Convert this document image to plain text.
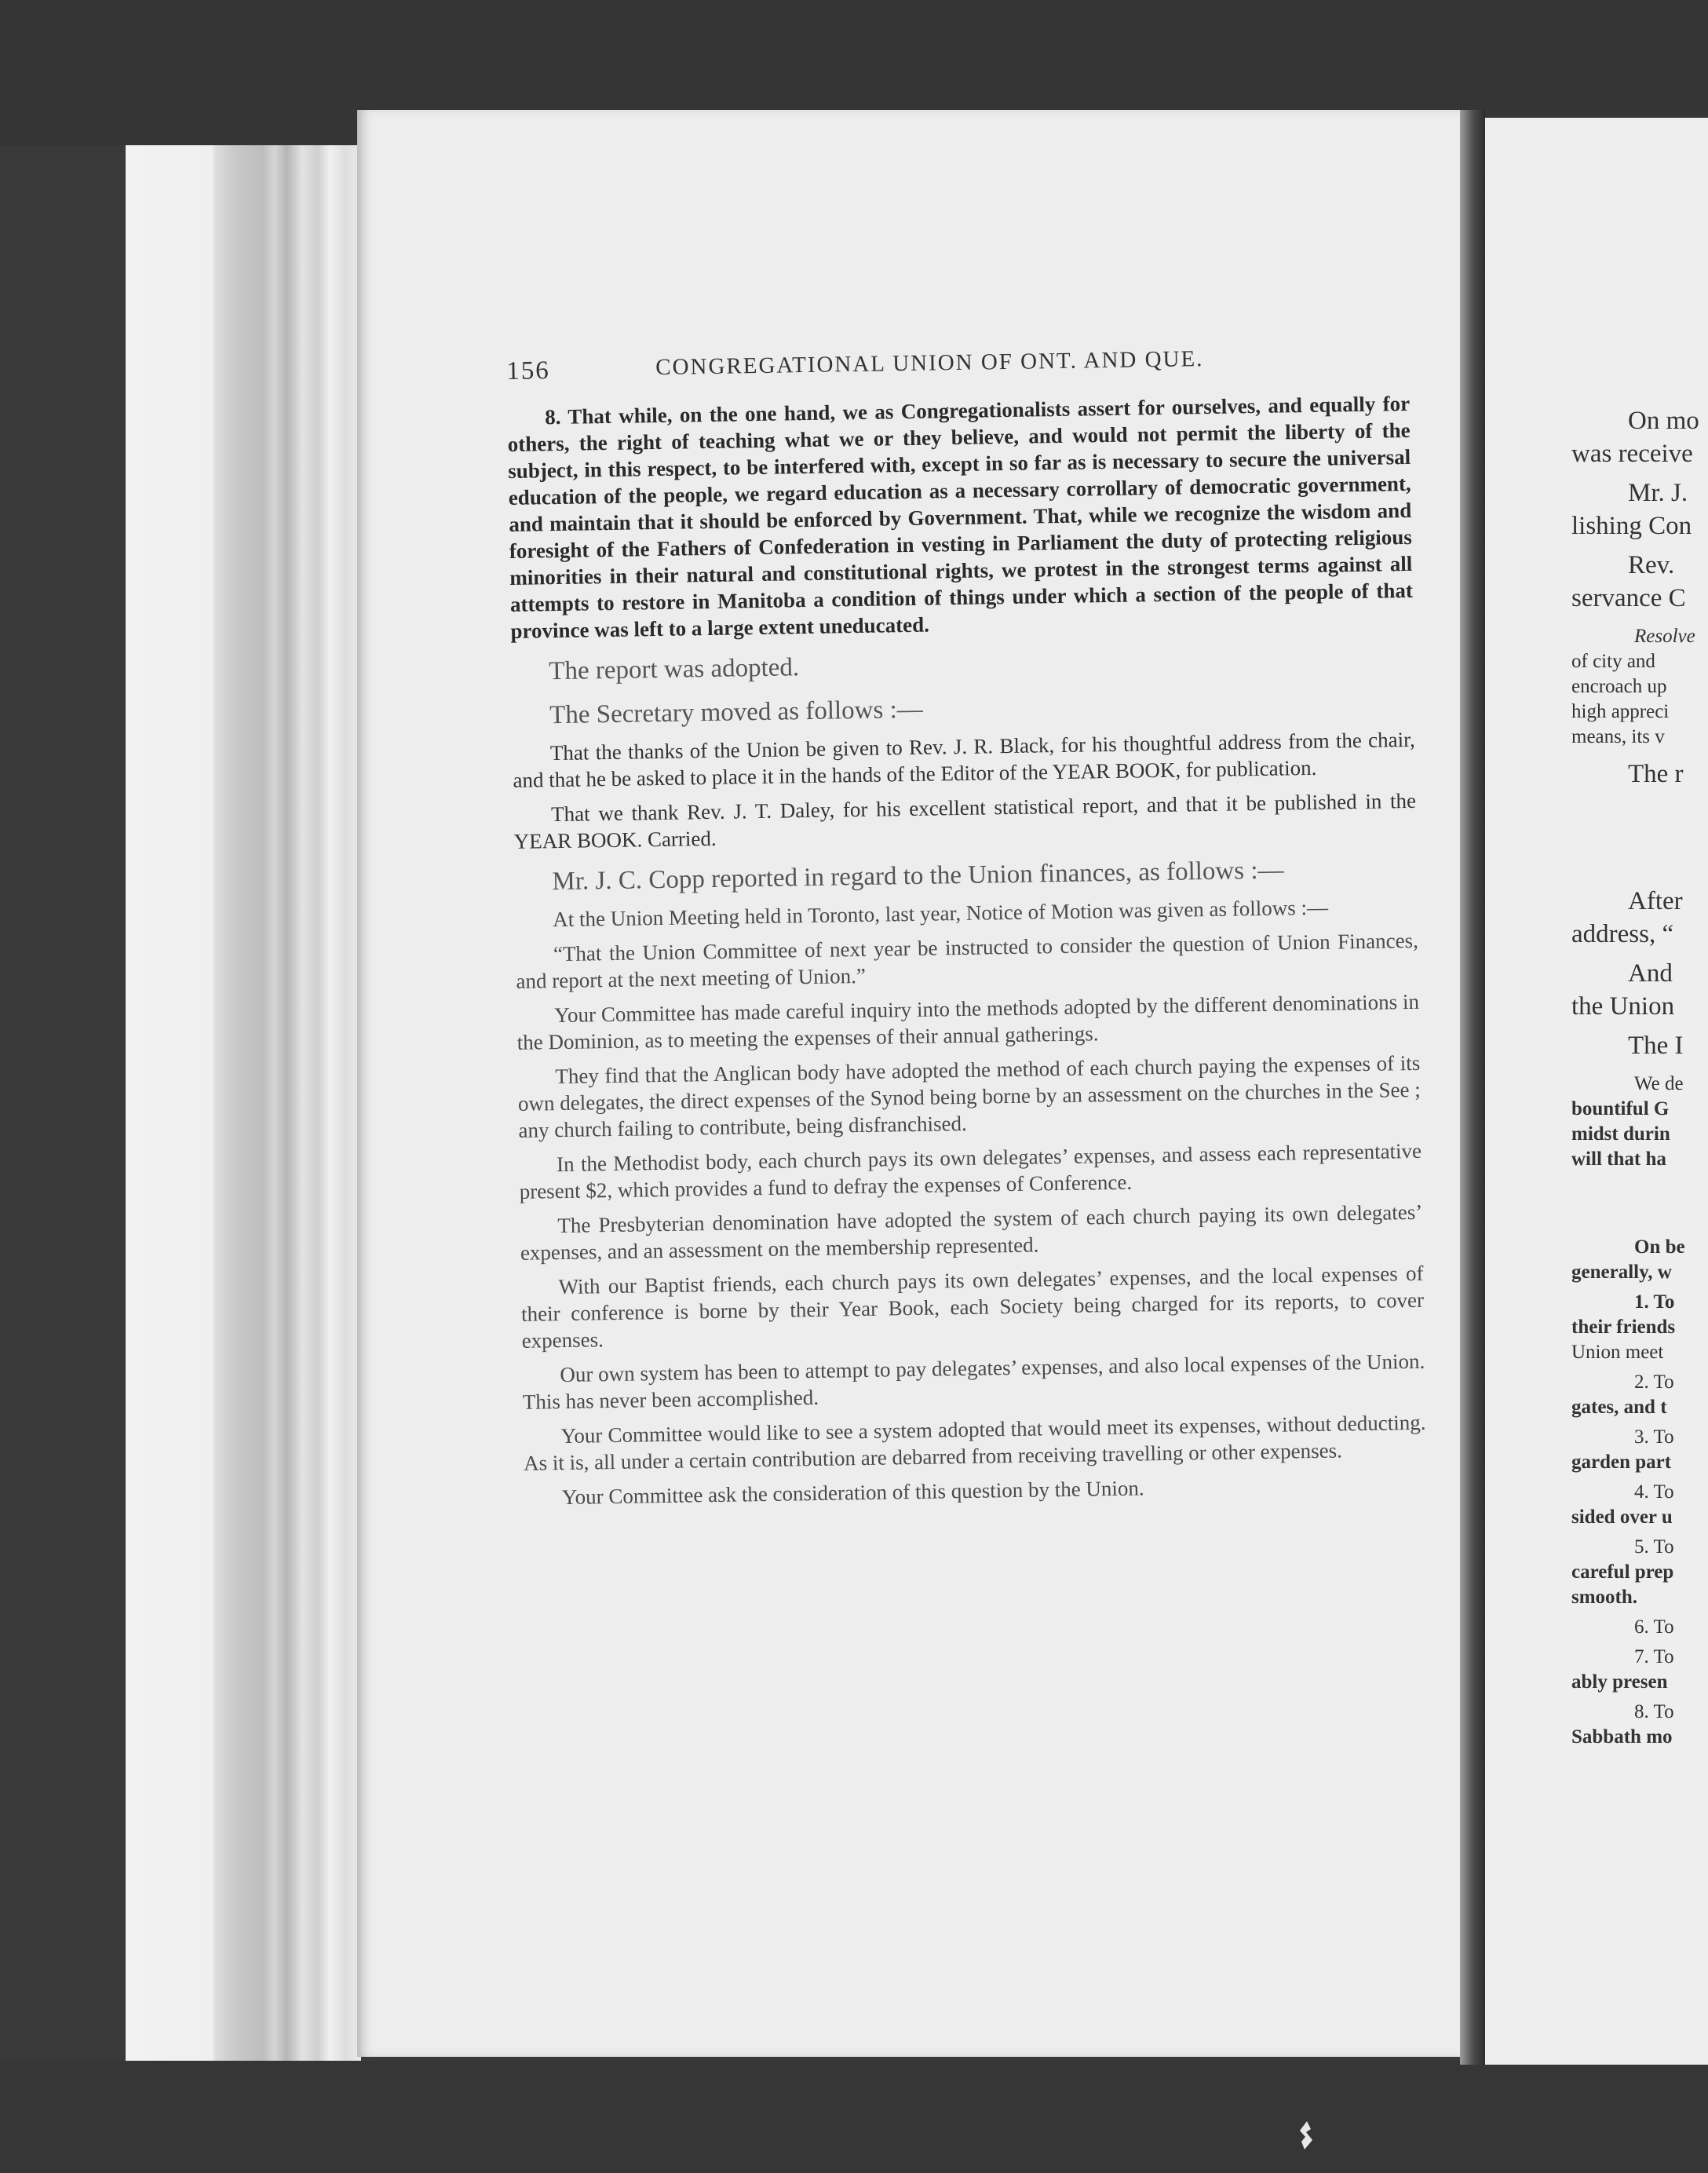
On mo

was receive

Mr. J.

lishing Con

Rev.

servance C

Resolve

of city and

encroach up

high appreci

means, its v

The r

After

address, “

And

the Union

The I

We de

bountiful G

midst durin

will that ha

On be

generally, w

1. To

their friends

Union meet

2. To

gates, and t

3. To

garden part

4. To

sided over u

5. To

careful prep

smooth.

6. To

7. To

ably presen

8. To

Sabbath mo

156	CONGREGATIONAL UNION OF ONT. AND QUE.

8. That while, on the one hand, we as Congregationalists assert for ourselves, and equally for others, the right of teaching what we or they believe, and would not permit the liberty of the subject, in this respect, to be interfered with, except in so far as is necessary to secure the universal education of the people, we regard education as a necessary corrollary of democratic government, and maintain that it should be enforced by Government. That, while we recognize the wisdom and foresight of the Fathers of Confederation in vesting in Parliament the duty of protecting religious minorities in their natural and constitutional rights, we protest in the strongest terms against all attempts to restore in Manitoba a condition of things under which a section of the people of that province was left to a large extent uneducated.

The report was adopted.

The Secretary moved as follows :—

That the thanks of the Union be given to Rev. J. R. Black, for his thoughtful address from the chair, and that he be asked to place it in the hands of the Editor of the YEAR BOOK, for publication.

That we thank Rev. J. T. Daley, for his excellent statistical report, and that it be published in the YEAR BOOK. Carried.

Mr. J. C. Copp reported in regard to the Union finances, as follows :—

At the Union Meeting held in Toronto, last year, Notice of Motion was given as follows :—

“That the Union Committee of next year be instructed to consider the question of Union Finances, and report at the next meeting of Union.”

Your Committee has made careful inquiry into the methods adopted by the different denominations in the Dominion, as to meeting the expenses of their annual gatherings.

They find that the Anglican body have adopted the method of each church paying the expenses of its own delegates, the direct expenses of the Synod being borne by an assessment on the churches in the See ; any church failing to contribute, being disfranchised.

In the Methodist body, each church pays its own delegates’ expenses, and assess each representative present $2, which provides a fund to defray the expenses of Conference.

The Presbyterian denomination have adopted the system of each church paying its own delegates’ expenses, and an assessment on the membership represented.

With our Baptist friends, each church pays its own delegates’ expenses, and the local expenses of their conference is borne by their Year Book, each Society being charged for its reports, to cover expenses.

Our own system has been to attempt to pay delegates’ expenses, and also local expenses of the Union. This has never been accomplished.

Your Committee would like to see a system adopted that would meet its expenses, without deducting. As it is, all under a certain contribution are debarred from receiving travelling or other expenses.

Your Committee ask the consideration of this question by the Union.
